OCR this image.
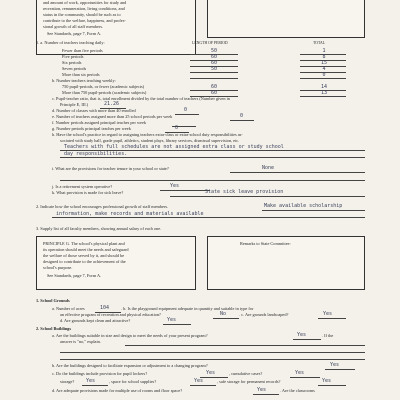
and amount of work, opportunities for study and
recreation, remuneration, living conditions, and
status in the community, should be such as to
contribute to the welfare, happiness, and profes-
sional growth of all staff members.
See Standards, page 7, Form A.
1. a. Number of teachers teaching daily:	LENGTH OF PERIOD	TOTAL
Fewer than five periods	50	1
Five periods	60	8
Six periods	60	15
Seven periods	50	4
More than six periods	0
b. Number teachers teaching weekly:
750 pupil-periods, or fewer (academic subjects)	60	14
More than 750 pupil-periods (academic subjects)	60	13
c. Pupil-teacher ratio, that is, total enrollment divided by the total number of teachers (Number given in
Principle E, III.)	21.26
d. Number of classes with more than 40 enrolled	0
e. Number of teachers assigned more than 25 school periods per week	0
f. Number periods assigned principal teaches per week
g. Number periods principal teaches per week	0
h. Have the school's practice in regard to assigning teachers extra-class or extra-school duty responsibilities as-
sociated with study hall, grade pupil, athletics, student plays, library services, dismissal supervision, etc.
Teachers with full schedules are not assigned extra class or study school
day responsibilities.
i. What are the provisions for teacher tenure in your school or state?	None
j. Is a retirement system operative?	Yes
k. What provision is made for sick leave?	State sick leave provision
2. Indicate how the school encourages professional growth of staff members.	Make available scholarship
information, make records and materials available
3. Supply list of all faculty members, showing annual salary of each one.
PRINCIPLE G. The school's physical plant and
its operation should meet the needs and safeguard
the welfare of those served by it, and should be
designed to contribute to the achievement of the
school's purpose.
See Standards, page 7, Form A.
Remarks to State Committee:
1. School Grounds
a. Number of acres	104	. b. Is the playground equipment adequate in quantity and suitable in type for
an effective program of recreation and physical education?	No	. c. Are grounds landscaped?	Yes
d. Are grounds kept clean and attractive?	Yes
2. School Buildings
a. Are the buildings suitable in size and design to meet the needs of your present program?	Yes	. If the
answer is "no," explain.
b. Are the buildings designed to facilitate expansion or adjustment to a changing program?	Yes
c. Do the buildings include provision for pupil lockers?	Yes	, cumulative cases?	Yes
storage? Yes	, space for school supplies?	Yes	, safe storage for permanent records?	Yes
d. Are adequate provisions made for multiple use of rooms and floor space?	Yes	. Are the classrooms
